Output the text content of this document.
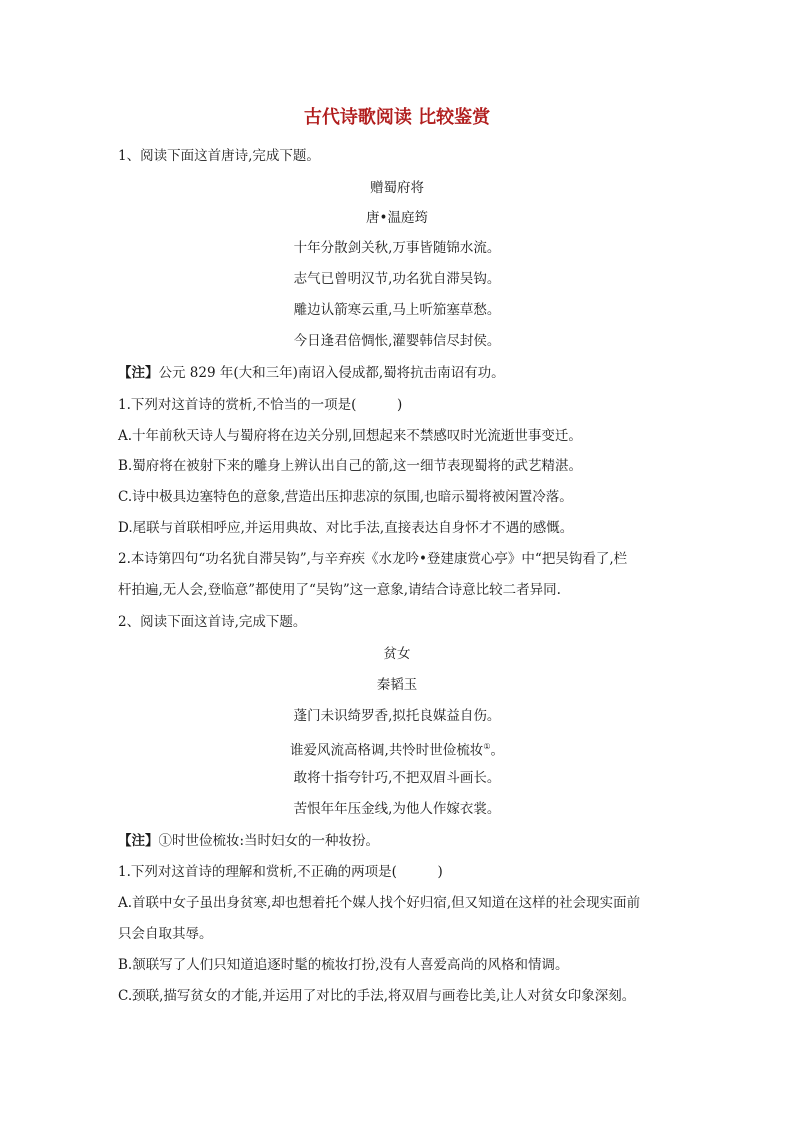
古代诗歌阅读 比较鉴赏
1、阅读下面这首唐诗,完成下题。
赠蜀府将
唐•温庭筠
十年分散剑关秋,万事皆随锦水流。
志气已曾明汉节,功名犹自滞吴钩。
雕边认箭寒云重,马上听笳塞草愁。
今日逢君倍惆怅,灌婴韩信尽封侯。
【注】公元 829 年(大和三年)南诏入侵成都,蜀将抗击南诏有功。
1.下列对这首诗的赏析,不恰当的一项是(　　　)
A.十年前秋天诗人与蜀府将在边关分别,回想起来不禁感叹时光流逝世事变迁。
B.蜀府将在被射下来的雕身上辨认出自己的箭,这一细节表现蜀将的武艺精湛。
C.诗中极具边塞特色的意象,营造出压抑悲凉的氛围,也暗示蜀将被闲置冷落。
D.尾联与首联相呼应,并运用典故、对比手法,直接表达自身怀才不遇的感慨。
2.本诗第四句“功名犹自滞吴钩”,与辛弃疾《水龙吟•登建康赏心亭》中“把吴钩看了,栏
杆拍遍,无人会,登临意”都使用了“吴钩”这一意象,请结合诗意比较二者异同.
2、阅读下面这首诗,完成下题。
贫女
秦韬玉
蓬门未识绮罗香,拟托良媒益自伤。
谁爱风流高格调,共怜时世俭梳妆①。
敢将十指夸针巧,不把双眉斗画长。
苦恨年年压金线,为他人作嫁衣裳。
【注】①时世俭梳妆:当时妇女的一种妆扮。
1.下列对这首诗的理解和赏析,不正确的两项是(　　　)
A.首联中女子虽出身贫寒,却也想着托个媒人找个好归宿,但又知道在这样的社会现实面前
只会自取其辱。
B.颔联写了人们只知道追逐时髦的梳妆打扮,没有人喜爱高尚的风格和情调。
C.颈联,描写贫女的才能,并运用了对比的手法,将双眉与画卷比美,让人对贫女印象深刻。
